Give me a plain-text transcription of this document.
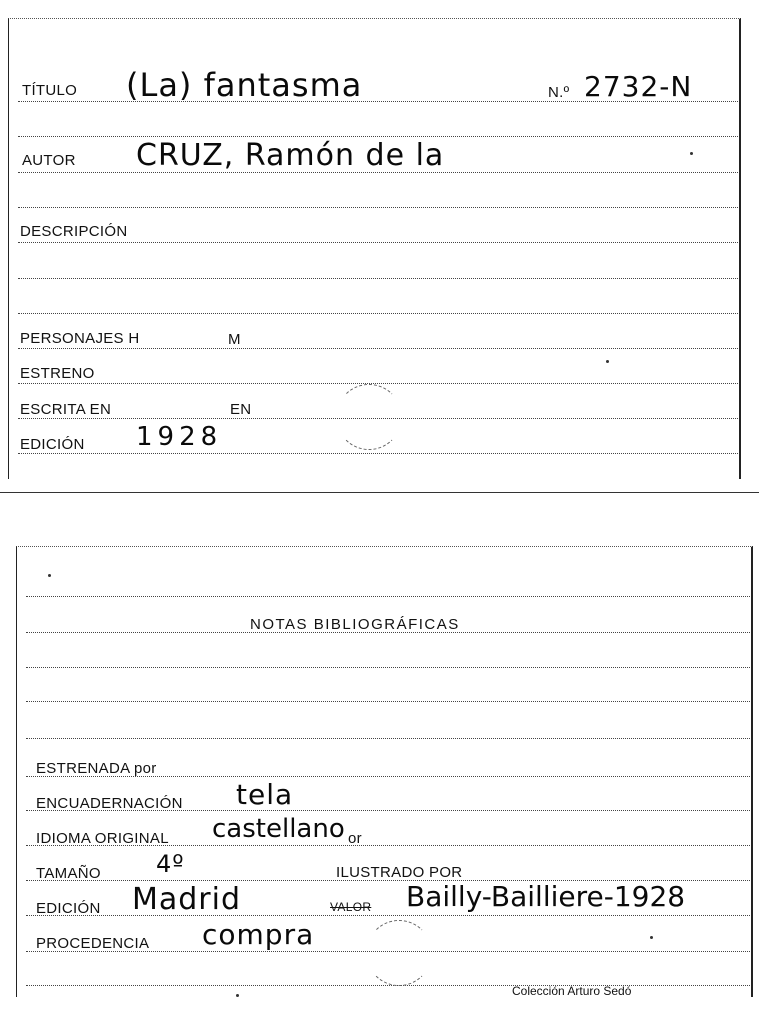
TÍTULO (La) fantasma	N.º 2732-N
AUTOR CRUZ, Ramón de la
DESCRIPCIÓN
PERSONAJES H	M
ESTRENO
ESCRITA EN	EN
EDICIÓN 1928
NOTAS BIBLIOGRÁFICAS
ESTRENADA por
ENCUADERNACIÓN tela
IDIOMA ORIGINAL castellano or
TAMAÑO 4º	ILUSTRADO POR
EDICIÓN Madrid	VALOR Bailly-Bailliere-1928
PROCEDENCIA compra
Colección Arturo Sedó
